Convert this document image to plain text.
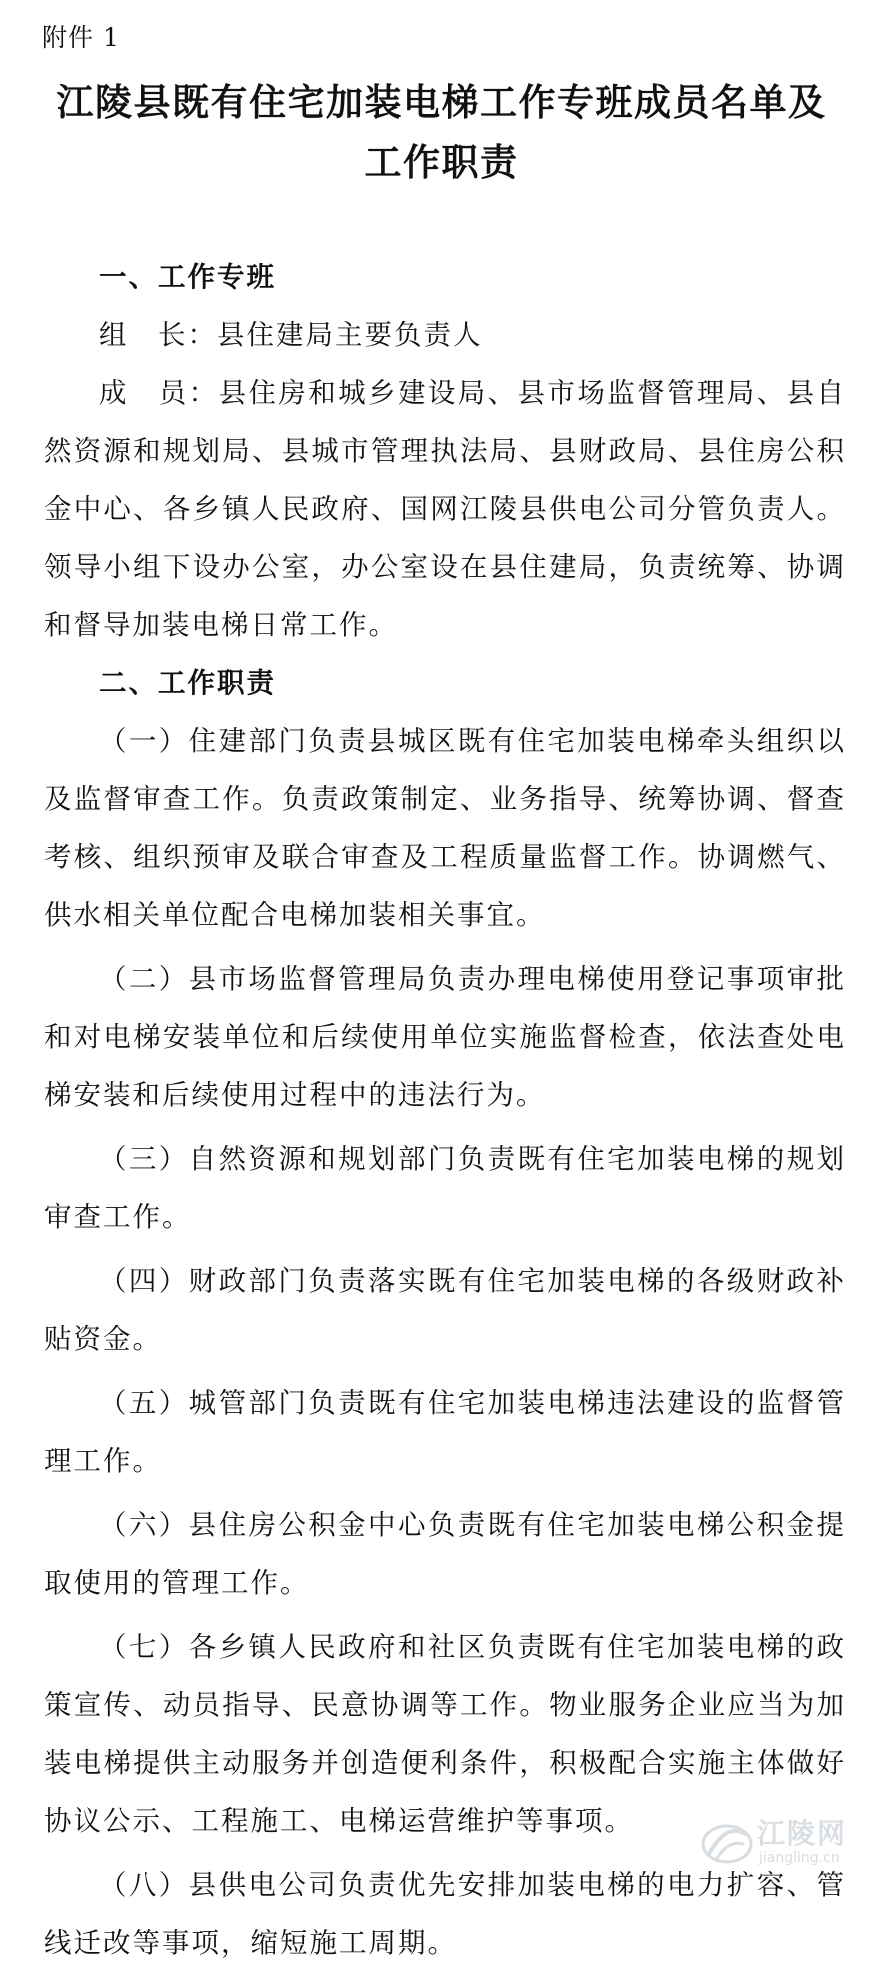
附件 1
江陵县既有住宅加装电梯工作专班成员名单及
工作职责

一、工作专班

组　长：县住建局主要负责人

成　员：县住房和城乡建设局、县市场监督管理局、县自然资源和规划局、县城市管理执法局、县财政局、县住房公积金中心、各乡镇人民政府、国网江陵县供电公司分管负责人。领导小组下设办公室，办公室设在县住建局，负责统筹、协调和督导加装电梯日常工作。

二、工作职责

（一）住建部门负责县城区既有住宅加装电梯牵头组织以及监督审查工作。负责政策制定、业务指导、统筹协调、督查考核、组织预审及联合审查及工程质量监督工作。协调燃气、供水相关单位配合电梯加装相关事宜。

（二）县市场监督管理局负责办理电梯使用登记事项审批和对电梯安装单位和后续使用单位实施监督检查，依法查处电梯安装和后续使用过程中的违法行为。

（三）自然资源和规划部门负责既有住宅加装电梯的规划审查工作。

（四）财政部门负责落实既有住宅加装电梯的各级财政补贴资金。

（五）城管部门负责既有住宅加装电梯违法建设的监督管理工作。

（六）县住房公积金中心负责既有住宅加装电梯公积金提取使用的管理工作。

（七）各乡镇人民政府和社区负责既有住宅加装电梯的政策宣传、动员指导、民意协调等工作。物业服务企业应当为加装电梯提供主动服务并创造便利条件，积极配合实施主体做好协议公示、工程施工、电梯运营维护等事项。

（八）县供电公司负责优先安排加装电梯的电力扩容、管线迁改等事项，缩短施工周期。

江陵网
jiangling.cn
